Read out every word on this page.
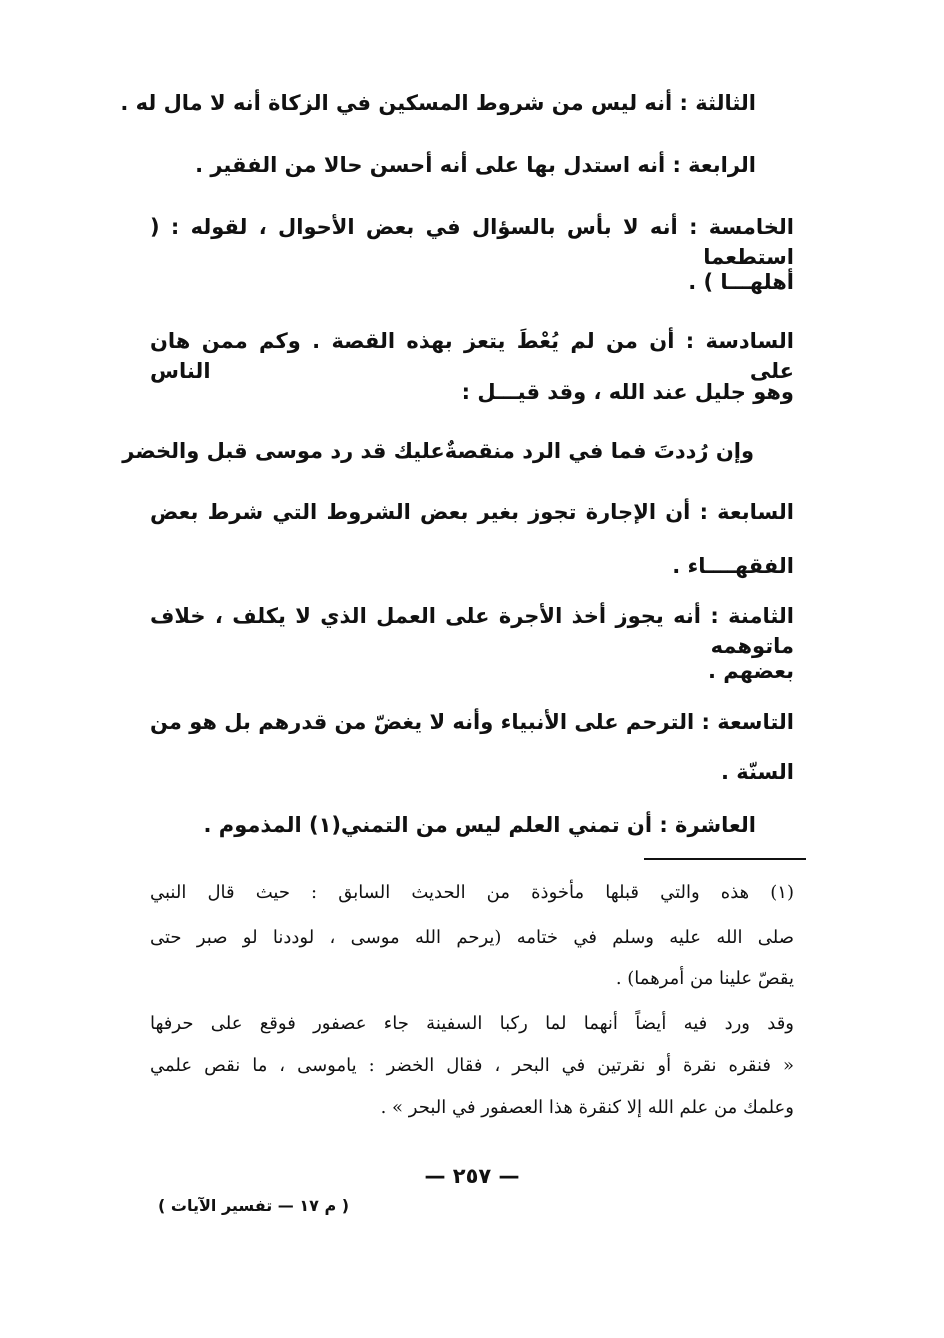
الثالثة : أنه ليس من شروط المسكين في الزكاة أنه لا مال له .

الرابعة : أنه استدل بها على أنه أحسن حالا من الفقير .

الخامسة : أنه لا بأس بالسؤال في بعض الأحوال ، لقوله : ( استطعما

أهلهـــا ) .

السادسة : أن من لم يُعْطَ يتعز بهذه القصة . وكم ممن هان على الناس

وهو جليل عند الله ، وقد قيـــل :

وإن رُددتَ فما في الرد منقصةٌ
عليك قد رد موسى قبل والخضر

السابعة : أن الإجارة تجوز بغير بعض الشروط التي شرط بعض

الفقهــــاء .

الثامنة : أنه يجوز أخذ الأجرة على العمل الذي لا يكلف ، خلاف ماتوهمه

بعضهم .

التاسعة : الترحم على الأنبياء وأنه لا يغضّ من قدرهم بل هو من

السنّة .

العاشرة : أن تمني العلم ليس من التمني(١) المذموم .

(١) هذه والتي قبلها مأخوذة من الحديث السابق : حيث قال النبي

صلى الله عليه وسلم في ختامه (يرحم الله موسى ، لوددنا لو صبر حتى

يقصّ علينا من أمرهما) .

وقد ورد فيه أيضاً أنهما لما ركبا السفينة جاء عصفور فوقع على حرفها

« فنقره نقرة أو نقرتين في البحر ، فقال الخضر : ياموسى ، ما نقص علمي

وعلمك من علم الله إلا كنقرة هذا العصفور في البحر » .

— ٢٥٧ —
( م ١٧ — تفسير الآيات )
